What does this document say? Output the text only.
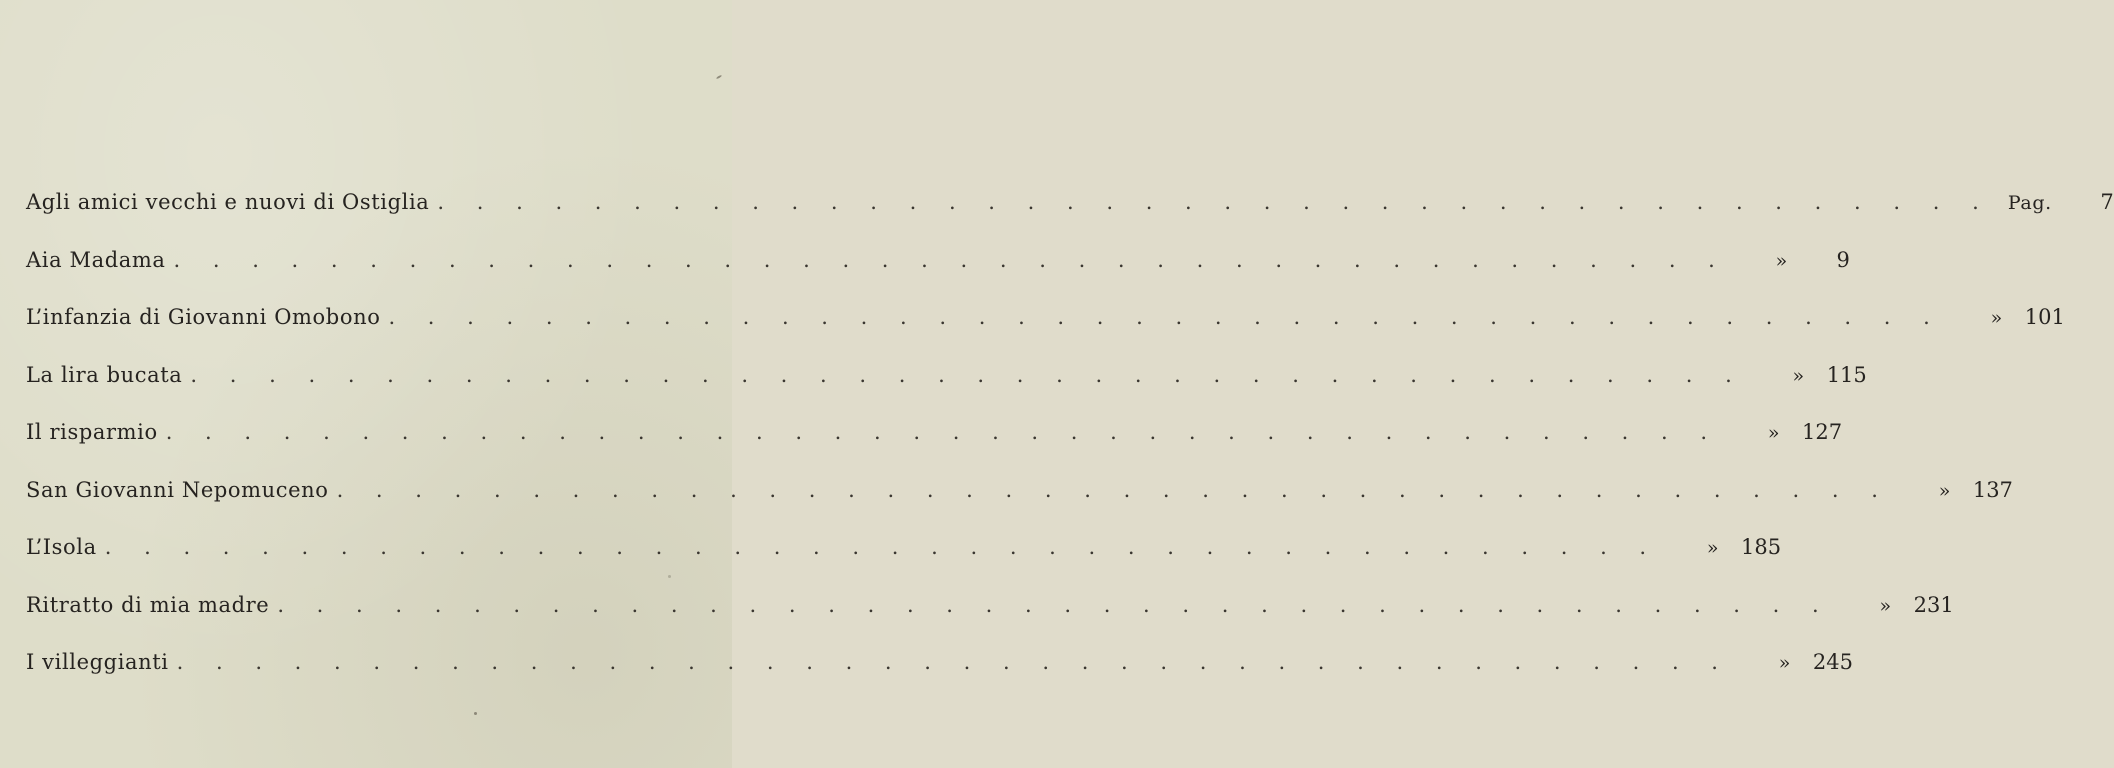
Agli amici vecchi e nuovi di Ostiglia . . . . . . . . . . . . . . . . . . . . . . . . . . . . . . . . . . . . . . . . Pag.	7
Aia Madama . . . . . . . . . . . . . . . . . . . . . . . . . . . . . . . . . . . . . . . .	»	9
L’infanzia di Giovanni Omobono . . . . . . . . . . . . . . . . . . . . . . . . . . . . . . . . . . . . . . . .	»	101
La lira bucata . . . . . . . . . . . . . . . . . . . . . . . . . . . . . . . . . . . . . . . .	»	115
Il risparmio . . . . . . . . . . . . . . . . . . . . . . . . . . . . . . . . . . . . . . . .	»	127
San Giovanni Nepomuceno . . . . . . . . . . . . . . . . . . . . . . . . . . . . . . . . . . . . . . . .	»	137
L’Isola . . . . . . . . . . . . . . . . . . . . . . . . . . . . . . . . . . . . . . . .	»	185
Ritratto di mia madre . . . . . . . . . . . . . . . . . . . . . . . . . . . . . . . . . . . . . . . .	»	231
I villeggianti . . . . . . . . . . . . . . . . . . . . . . . . . . . . . . . . . . . . . . . .	»	245
